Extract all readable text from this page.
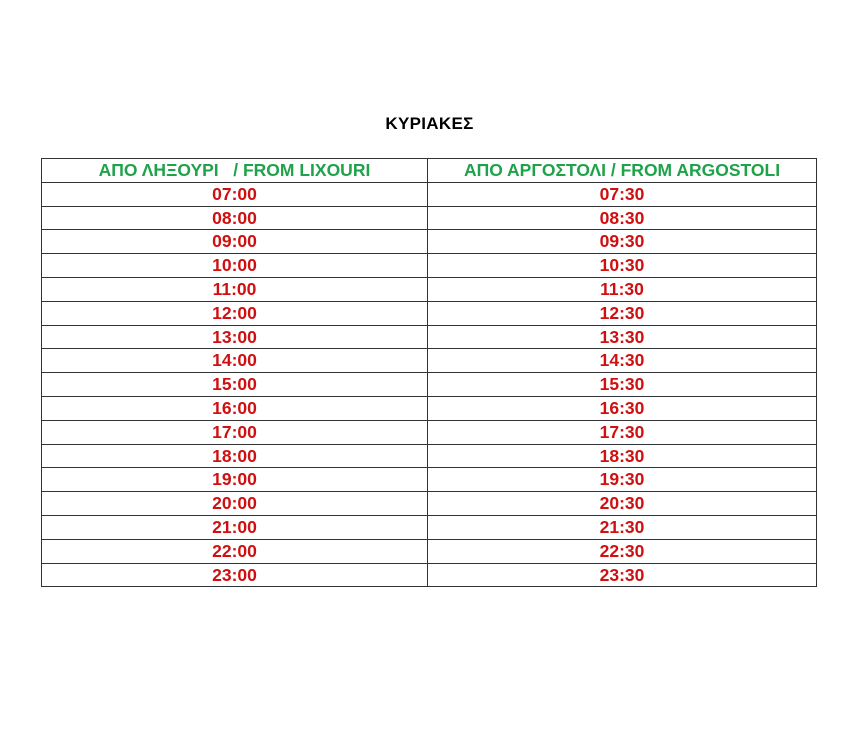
ΚΥΡΙΑΚΕΣ
ΑΠΟ ΛΗΞΟΥΡΙ   / FROM LIXOURI	ΑΠΟ ΑΡΓΟΣΤΟΛΙ / FROM ARGOSTOLI
07:00	07:30
08:00	08:30
09:00	09:30
10:00	10:30
11:00	11:30
12:00	12:30
13:00	13:30
14:00	14:30
15:00	15:30
16:00	16:30
17:00	17:30
18:00	18:30
19:00	19:30
20:00	20:30
21:00	21:30
22:00	22:30
23:00	23:30
